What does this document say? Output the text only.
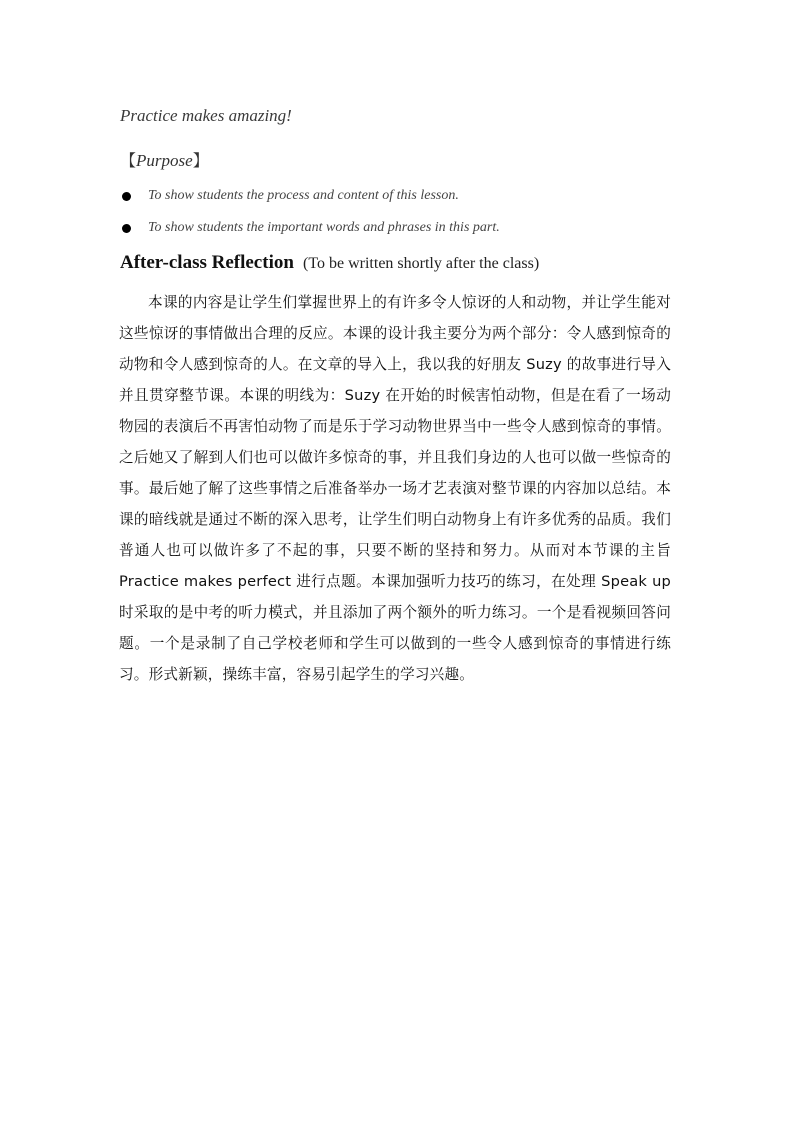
Practice makes amazing!
【Purpose】
To show students the process and content of this lesson.
To show students the important words and phrases in this part.
After-class Reflection (To be written shortly after the class)
本课的内容是让学生们掌握世界上的有许多令人惊讶的人和动物，并让学生能对这些惊讶的事情做出合理的反应。本课的设计我主要分为两个部分：令人感到惊奇的动物和令人感到惊奇的人。在文章的导入上，我以我的好朋友 Suzy 的故事进行导入并且贯穿整节课。本课的明线为：Suzy 在开始的时候害怕动物，但是在看了一场动物园的表演后不再害怕动物了而是乐于学习动物世界当中一些令人感到惊奇的事情。之后她又了解到人们也可以做许多惊奇的事，并且我们身边的人也可以做一些惊奇的事。最后她了解了这些事情之后准备举办一场才艺表演对整节课的内容加以总结。本课的暗线就是通过不断的深入思考，让学生们明白动物身上有许多优秀的品质。我们普通人也可以做许多了不起的事，只要不断的坚持和努力。从而对本节课的主旨 Practice makes perfect 进行点题。本课加强听力技巧的练习，在处理 Speak up 时采取的是中考的听力模式，并且添加了两个额外的听力练习。一个是看视频回答问题。一个是录制了自己学校老师和学生可以做到的一些令人感到惊奇的事情进行练习。形式新颖，操练丰富，容易引起学生的学习兴趣。
